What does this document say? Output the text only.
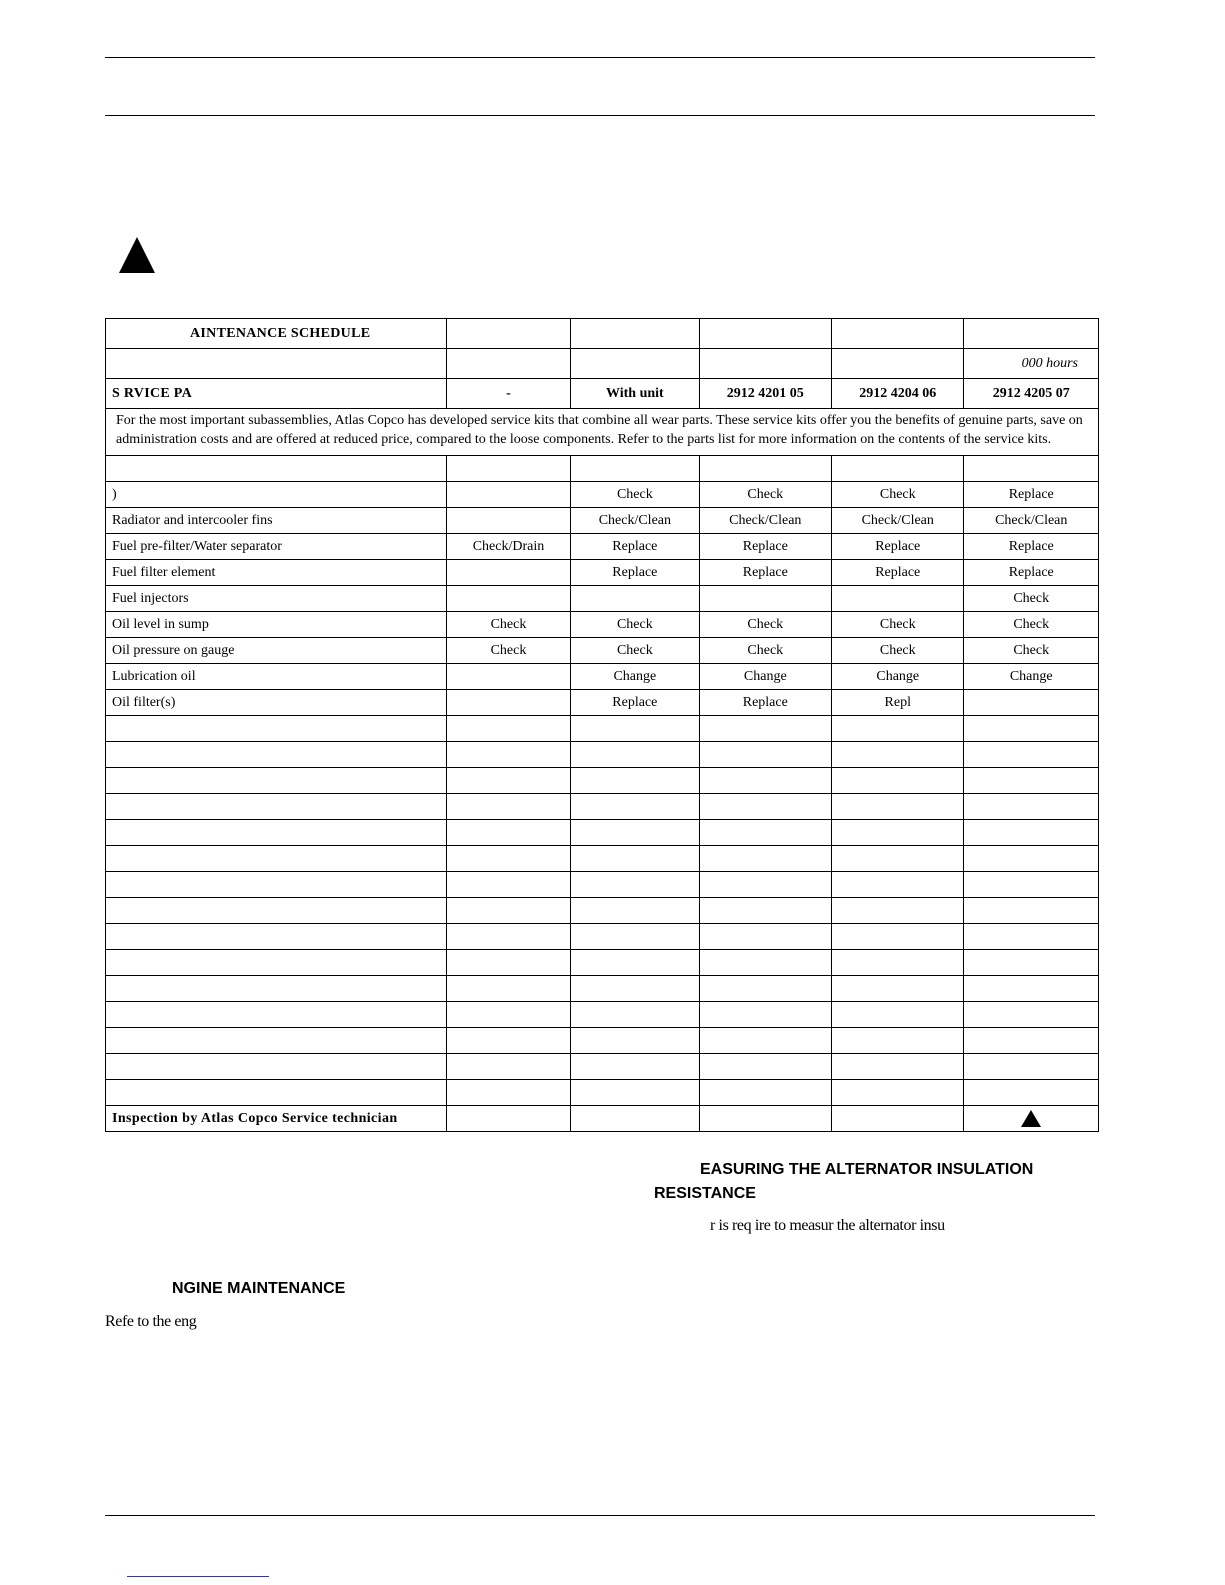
AINTENANCE SCHEDULE					
					000 hours
S RVICE PA	-	With unit	2912 4201 05	2912 4204 06	2912 4205 07
For the most important subassemblies, Atlas Copco has developed service kits that combine all wear parts. These service kits offer you the benefits of genuine parts, save on administration costs and are offered at reduced price, compared to the loose components. Refer to the parts list for more information on the contents of the service kits.					

)		Check	Check	Check	Replace
Radiator and intercooler fins		Check/Clean	Check/Clean	Check/Clean	Check/Clean
Fuel pre-filter/Water separator	Check/Drain	Replace	Replace	Replace	Replace
Fuel filter element		Replace	Replace	Replace	Replace
Fuel injectors					Check
Oil level in sump	Check	Check	Check	Check	Check
Oil pressure on gauge	Check	Check	Check	Check	Check
Lubrication oil		Change	Change	Change	Change
Oil filter(s)		Replace	Replace	Repl	

Inspection by Atlas Copco Service technician					
EASURING THE ALTERNATOR INSULATION
RESISTANCE
r is req ire to measur the alternator insu
NGINE MAINTENANCE
Refe to the eng
